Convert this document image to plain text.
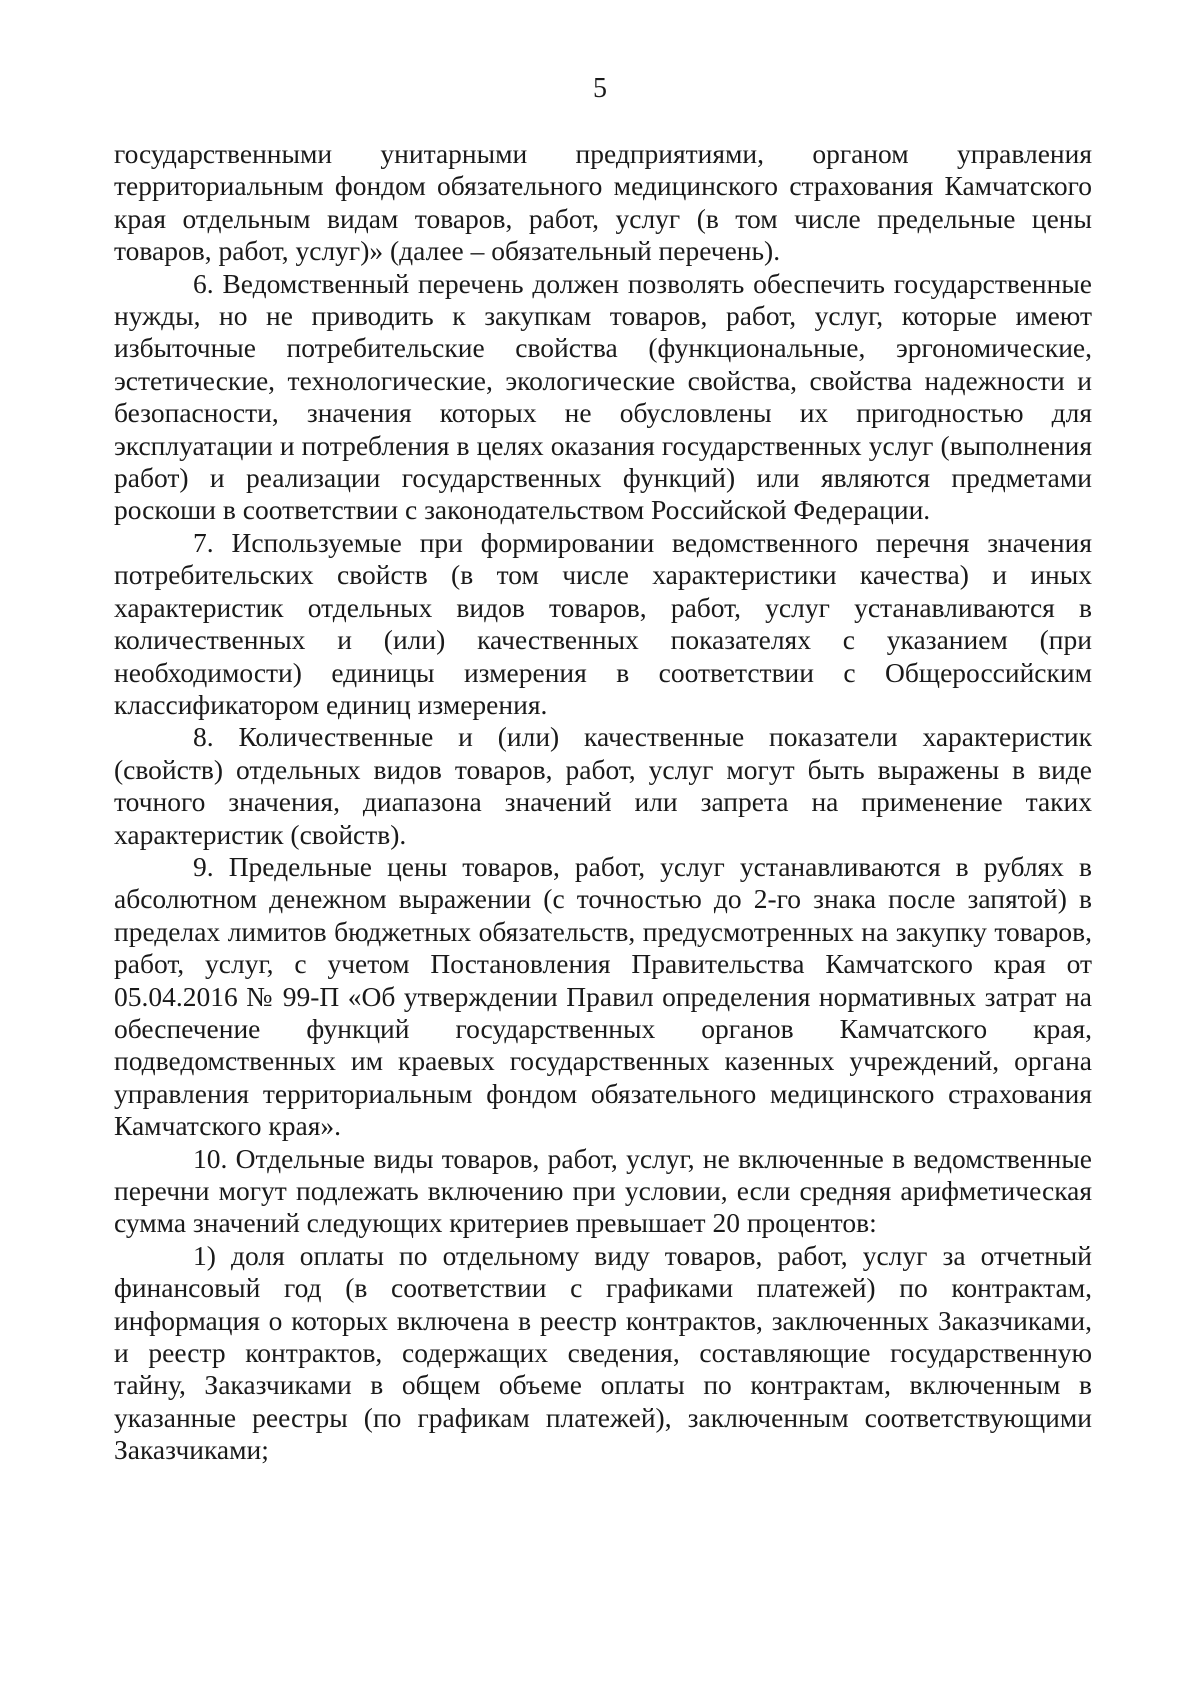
5

государственными унитарными предприятиями, органом управления территориальным фондом обязательного медицинского страхования Камчатского края отдельным видам товаров, работ, услуг (в том числе предельные цены товаров, работ, услуг)» (далее – обязательный перечень).

6. Ведомственный перечень должен позволять обеспечить государственные нужды, но не приводить к закупкам товаров, работ, услуг, которые имеют избыточные потребительские свойства (функциональные, эргономические, эстетические, технологические, экологические свойства, свойства надежности и безопасности, значения которых не обусловлены их пригодностью для эксплуатации и потребления в целях оказания государственных услуг (выполнения работ) и реализации государственных функций) или являются предметами роскоши в соответствии с законодательством Российской Федерации.

7. Используемые при формировании ведомственного перечня значения потребительских свойств (в том числе характеристики качества) и иных характеристик отдельных видов товаров, работ, услуг устанавливаются в количественных и (или) качественных показателях с указанием (при необходимости) единицы измерения в соответствии с Общероссийским классификатором единиц измерения.

8. Количественные и (или) качественные показатели характеристик (свойств) отдельных видов товаров, работ, услуг могут быть выражены в виде точного значения, диапазона значений или запрета на применение таких характеристик (свойств).

9. Предельные цены товаров, работ, услуг устанавливаются в рублях в абсолютном денежном выражении (с точностью до 2-го знака после запятой) в пределах лимитов бюджетных обязательств, предусмотренных на закупку товаров, работ, услуг, с учетом Постановления Правительства Камчатского края от 05.04.2016 № 99-П «Об утверждении Правил определения нормативных затрат на обеспечение функций государственных органов Камчатского края, подведомственных им краевых государственных казенных учреждений, органа управления территориальным фондом обязательного медицинского страхования Камчатского края».

10. Отдельные виды товаров, работ, услуг, не включенные в ведомственные перечни могут подлежать включению при условии, если средняя арифметическая сумма значений следующих критериев превышает 20 процентов:

1) доля оплаты по отдельному виду товаров, работ, услуг за отчетный финансовый год (в соответствии с графиками платежей) по контрактам, информация о которых включена в реестр контрактов, заключенных Заказчиками, и реестр контрактов, содержащих сведения, составляющие государственную тайну, Заказчиками в общем объеме оплаты по контрактам, включенным в указанные реестры (по графикам платежей), заключенным соответствующими Заказчиками;
